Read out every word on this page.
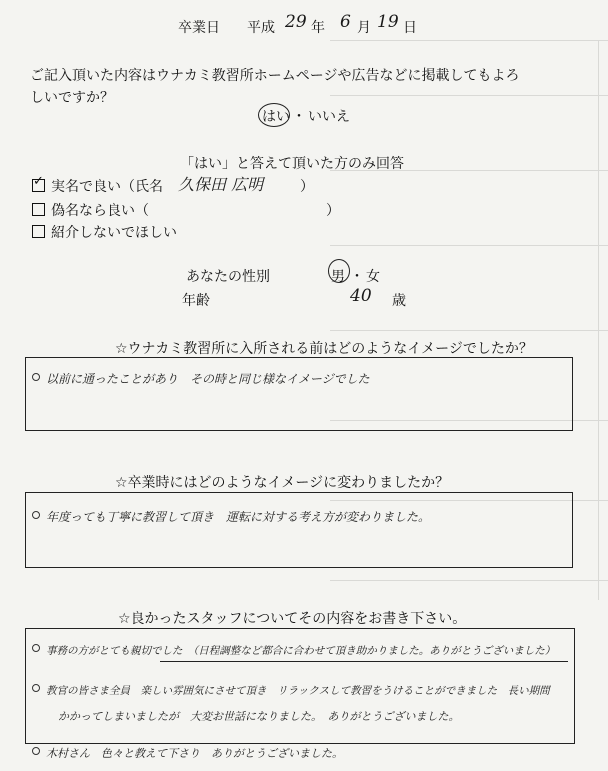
卒業日 平成 29 年 6 月 19 日
ご記入頂いた内容はウナカミ教習所ホームページや広告などに掲載してもよろ
しいですか？
はい ・ いいえ
「はい」と答えて頂いた方のみ回答
✓ 実名で良い（氏名 久保田 広明	）
偽名なら良い（	）
紹介しないでほしい
あなたの性別	男 ・ 女
年齢	40 歳
☆ウナカミ教習所に入所される前はどのようなイメージでしたか？
以前に通ったことがあり　その時と同じ様なイメージでした
☆卒業時にはどのようなイメージに変わりましたか？
年度っても丁寧に教習して頂き　運転に対する考え方が変わりました。
☆良かったスタッフについてその内容をお書き下さい。
事務の方がとても親切でした　（日程調整など都合に合わせて頂き助かりました。ありがとうございました）
教官の皆さま全員　楽しい雰囲気にさせて頂き　リラックスして教習をうけることができました　長い期間
かかってしまいましたが　大変お世話になりました。　ありがとうございました。
木村さん　色々と教えて下さり　ありがとうございました。
